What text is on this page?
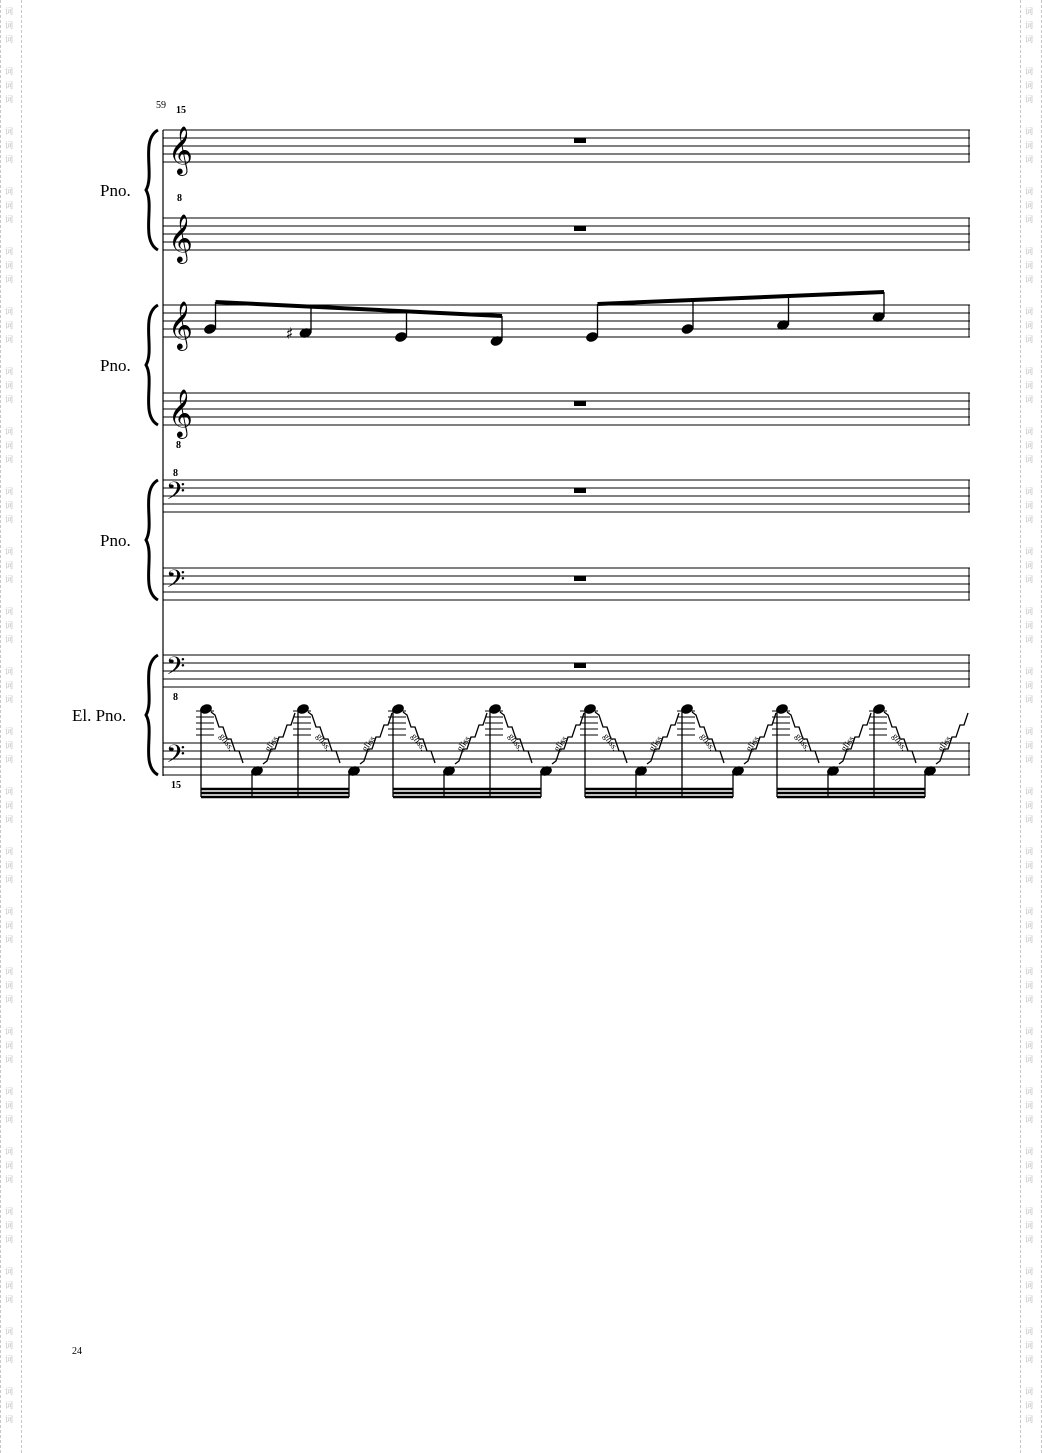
词
词
词
词
词
词
词
词
词
词
词
词
词
词
词
词
词
词
词
词
词
词
词
词
词
词
词
词
词
词
词
词
词
词
词
词
词
词
词
词
词
词
词
词
词
词
词
词
词
词
词
词
词
词
词
词
词
词
词
词
词
词
词
词
词
词
词
词
词
词
词
词
词
词
词
词
词
词
词
词
词
词
词
词
词
词
词
词
词
词
词
词
词
词
词
词
词
词
词
词
词
词
词
词
词
词
词
词
词
词
词
词
词
词
词
词
词
词
词
词
词
词
词
词
词
词
词
词
词
词
词
词
词
词
词
词
词
词
词
词
词
词
词
词
59
Pno.
𝄞
15
𝄞
8
Pno.
𝄞	♯
𝄞
8
Pno.
𝄢
8
𝄢
El. Pno.
𝄢
𝄢
8
15
gliss.	gliss.	gliss.	gliss.	gliss.	gliss.	gliss.	gliss.	gliss.	gliss.	gliss.	gliss.	gliss.	gliss.	gliss.	gliss.
24
